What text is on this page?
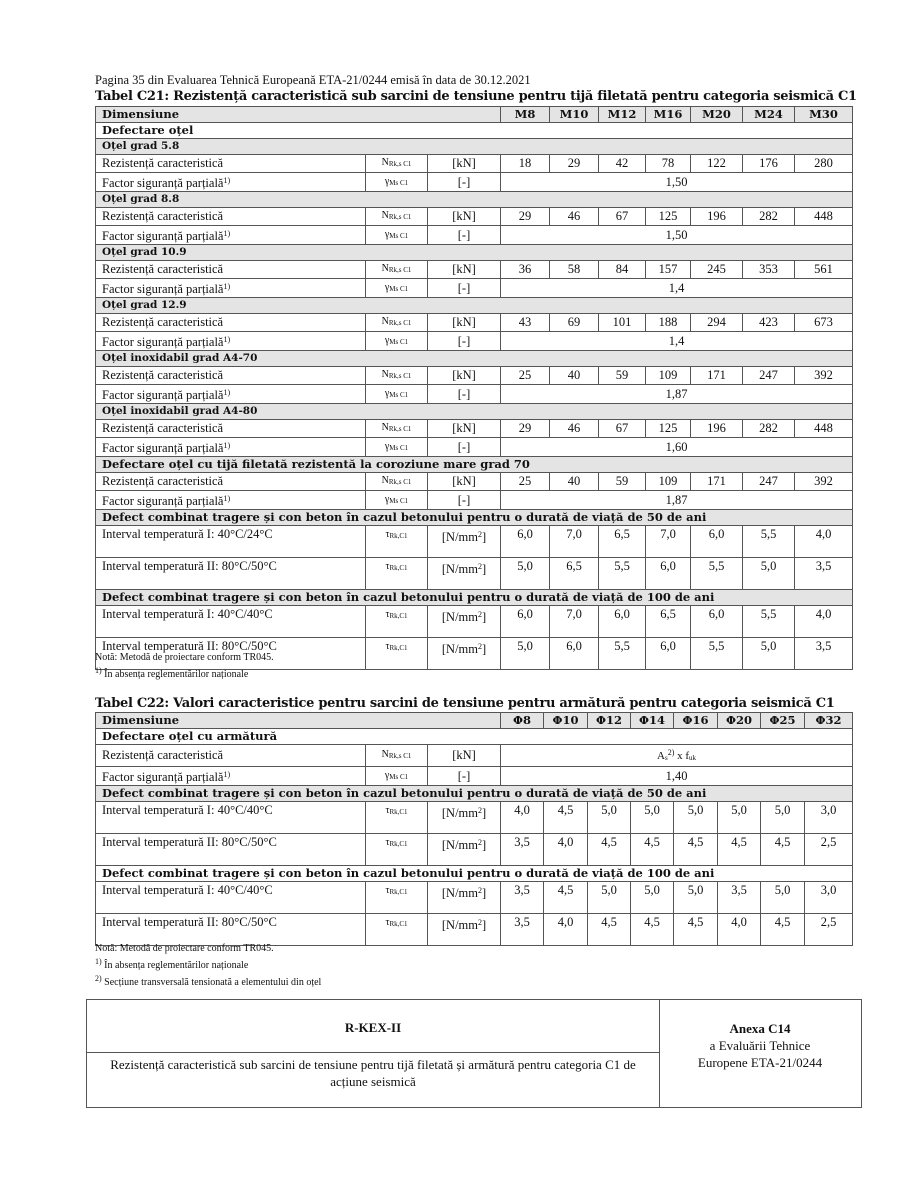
Pagina 35 din Evaluarea Tehnică Europeană ETA-21/0244 emisă în data de 30.12.2021
Tabel C21: Rezistență caracteristică sub sarcini de tensiune pentru tijă filetată pentru categoria seismică C1
Dimensiune			M8	M10	M12	M16	M20	M24	M30
Defectare oțel									
Oțel grad 5.8									
Rezistență caracteristică	NRk,s C1	[kN]	18	29	42	78	122	176	280
Factor siguranță parțială$^{1)}$	γMs C1	[-]	1,50						
Oțel grad 8.8									
Rezistență caracteristică	NRk,s C1	[kN]	29	46	67	125	196	282	448
Factor siguranță parțială$^{1)}$	γMs C1	[-]	1,50						
Oțel grad 10.9									
Rezistență caracteristică	NRk,s C1	[kN]	36	58	84	157	245	353	561
Factor siguranță parțială$^{1)}$	γMs C1	[-]	1,4						
Oțel grad 12.9									
Rezistență caracteristică	NRk,s C1	[kN]	43	69	101	188	294	423	673
Factor siguranță parțială$^{1)}$	γMs C1	[-]	1,4						
Oțel inoxidabil grad A4-70									
Rezistență caracteristică	NRk,s C1	[kN]	25	40	59	109	171	247	392
Factor siguranță parțială$^{1)}$	γMs C1	[-]	1,87						
Oțel inoxidabil grad A4-80									
Rezistență caracteristică	NRk,s C1	[kN]	29	46	67	125	196	282	448
Factor siguranță parțială$^{1)}$	γMs C1	[-]	1,60						
Defectare oțel cu tijă filetată rezistentă la coroziune mare grad 70									
Rezistență caracteristică	NRk,s C1	[kN]	25	40	59	109	171	247	392
Factor siguranță parțială$^{1)}$	γMs C1	[-]	1,87						
Defect combinat tragere și con beton în cazul betonului pentru o durată de viață de 50 de ani									
Interval temperatură I: 40°C/24°C	τRk,C1	$[N/mm^2]$	6,0	7,0	6,5	7,0	6,0	5,5	4,0
Interval temperatură II: 80°C/50°C	τRk,C1	$[N/mm^2]$	5,0	6,5	5,5	6,0	5,5	5,0	3,5
Defect combinat tragere și con beton în cazul betonului pentru o durată de viață de 100 de ani									
Interval temperatură I: 40°C/40°C	τRk,C1	$[N/mm^2]$	6,0	7,0	6,0	6,5	6,0	5,5	4,0
Interval temperatură II: 80°C/50°C	τRk,C1	$[N/mm^2]$	5,0	6,0	5,5	6,0	5,5	5,0	3,5
Notă: Metodă de proiectare conform TR045.
$^{1)}$ În absența reglementărilor naționale
Tabel C22: Valori caracteristice pentru sarcini de tensiune pentru armătură pentru categoria seismică C1
Dimensiune			Φ8	Φ10	Φ12	Φ14	Φ16	Φ20	Φ25	Φ32
Defectare oțel cu armătură										
Rezistență caracteristică	NRk,s C1	[kN]	As$^{2)}$ x fuk							
Factor siguranță parțială$^{1)}$	γMs C1	[-]	1,40							
Defect combinat tragere și con beton în cazul betonului pentru o durată de viață de 50 de ani										
Interval temperatură I: 40°C/40°C	τRk,C1	$[N/mm^2]$	4,0	4,5	5,0	5,0	5,0	5,0	5,0	3,0
Interval temperatură II: 80°C/50°C	τRk,C1	$[N/mm^2]$	3,5	4,0	4,5	4,5	4,5	4,5	4,5	2,5
Defect combinat tragere și con beton în cazul betonului pentru o durată de viață de 100 de ani										
Interval temperatură I: 40°C/40°C	τRk,C1	$[N/mm^2]$	3,5	4,5	5,0	5,0	5,0	3,5	5,0	3,0
Interval temperatură II: 80°C/50°C	τRk,C1	$[N/mm^2]$	3,5	4,0	4,5	4,5	4,5	4,0	4,5	2,5
Notă: Metodă de proiectare conform TR045.
$^{1)}$ În absența reglementărilor naționale
$^{2)}$ Secțiune transversală tensionată a elementului din oțel
R-KEX-II
Rezistență caracteristică sub sarcini de tensiune pentru tijă filetată și armătură pentru categoria C1 de acțiune seismică
Anexa C14
a Evaluării Tehnice
Europene ETA-21/0244
